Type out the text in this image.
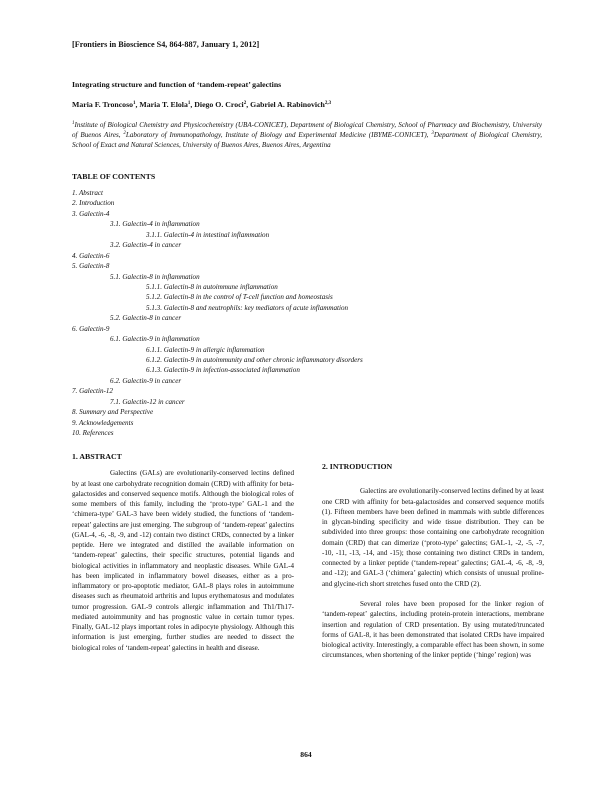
[Frontiers in Bioscience S4, 864-887, January 1, 2012]
Integrating structure and function of ‘tandem-repeat’ galectins
Maria F. Troncoso$^1$, Maria T. Elola$^1$, Diego O. Croci$^2$, Gabriel A. Rabinovich$^{2,3}$
$^1$Institute of Biological Chemistry and Physicochemistry (UBA-CONICET), Department of Biological Chemistry, School of Pharmacy and Biochemistry, University of Buenos Aires, $^2$Laboratory of Immunopathology, Institute of Biology and Experimental Medicine (IBYME-CONICET), $^3$Department of Biological Chemistry, School of Exact and Natural Sciences, University of Buenos Aires, Buenos Aires, Argentina
TABLE OF CONTENTS
1. Abstract
2. Introduction
3. Galectin-4
3.1. Galectin-4 in inflammation
3.1.1. Galectin-4 in intestinal inflammation
3.2. Galectin-4 in cancer
4. Galectin-6
5. Galectin-8
5.1. Galectin-8 in inflammation
5.1.1. Galectin-8 in autoimmune inflammation
5.1.2. Galectin-8 in the control of T-cell function and homeostasis
5.1.3. Galectin-8 and neutrophils: key mediators of acute inflammation
5.2. Galectin-8 in cancer
6. Galectin-9
6.1. Galectin-9 in inflammation
6.1.1. Galectin-9 in allergic inflammation
6.1.2. Galectin-9 in autoimmunity and other chronic inflammatory disorders
6.1.3. Galectin-9 in infection-associated inflammation
6.2. Galectin-9 in cancer
7. Galectin-12
7.1. Galectin-12 in cancer
8. Summary and Perspective
9. Acknowledgements
10. References
1. ABSTRACT

Galectins (GALs) are evolutionarily-conserved lectins defined by at least one carbohydrate recognition domain (CRD) with affinity for beta-galactosides and conserved sequence motifs. Although the biological roles of some members of this family, including the ‘proto-type’ GAL-1 and the ‘chimera-type’ GAL-3 have been widely studied, the functions of ‘tandem-repeat’ galectins are just emerging. The subgroup of ‘tandem-repeat’ galectins (GAL-4, -6, -8, -9, and -12) contain two distinct CRDs, connected by a linker peptide. Here we integrated and distilled the available information on ‘tandem-repeat’ galectins, their specific structures, potential ligands and biological activities in inflammatory and neoplastic diseases. While GAL-4 has been implicated in inflammatory bowel diseases, either as a pro-inflammatory or pro-apoptotic mediator, GAL-8 plays roles in autoimmune diseases such as rheumatoid arthritis and lupus erythematosus and modulates tumor progression. GAL-9 controls allergic inflammation and Th1/Th17-mediated autoimmunity and has prognostic value in certain tumor types. Finally, GAL-12 plays important roles in adipocyte physiology. Although this information is just emerging, further studies are needed to dissect the biological roles of ‘tandem-repeat’ galectins in health and disease.

2. INTRODUCTION

Galectins are evolutionarily-conserved lectins defined by at least one CRD with affinity for beta-galactosides and conserved sequence motifs (1). Fifteen members have been defined in mammals with subtle differences in glycan-binding specificity and wide tissue distribution. They can be subdivided into three groups: those containing one carbohydrate recognition domain (CRD) that can dimerize (‘proto-type’ galectins; GAL-1, -2, -5, -7, -10, -11, -13, -14, and -15); those containing two distinct CRDs in tandem, connected by a linker peptide (‘tandem-repeat’ galectins; GAL-4, -6, -8, -9, and -12); and GAL-3 (‘chimera’ galectin) which consists of unusual proline- and glycine-rich short stretches fused onto the CRD (2).

Several roles have been proposed for the linker region of ‘tandem-repeat’ galectins, including protein-protein interactions, membrane insertion and regulation of CRD presentation. By using mutated/truncated forms of GAL-8, it has been demonstrated that isolated CRDs have impaired biological activity. Interestingly, a comparable effect has been shown, in some circumstances, when shortening of the linker peptide (‘hinge’ region) was

864
